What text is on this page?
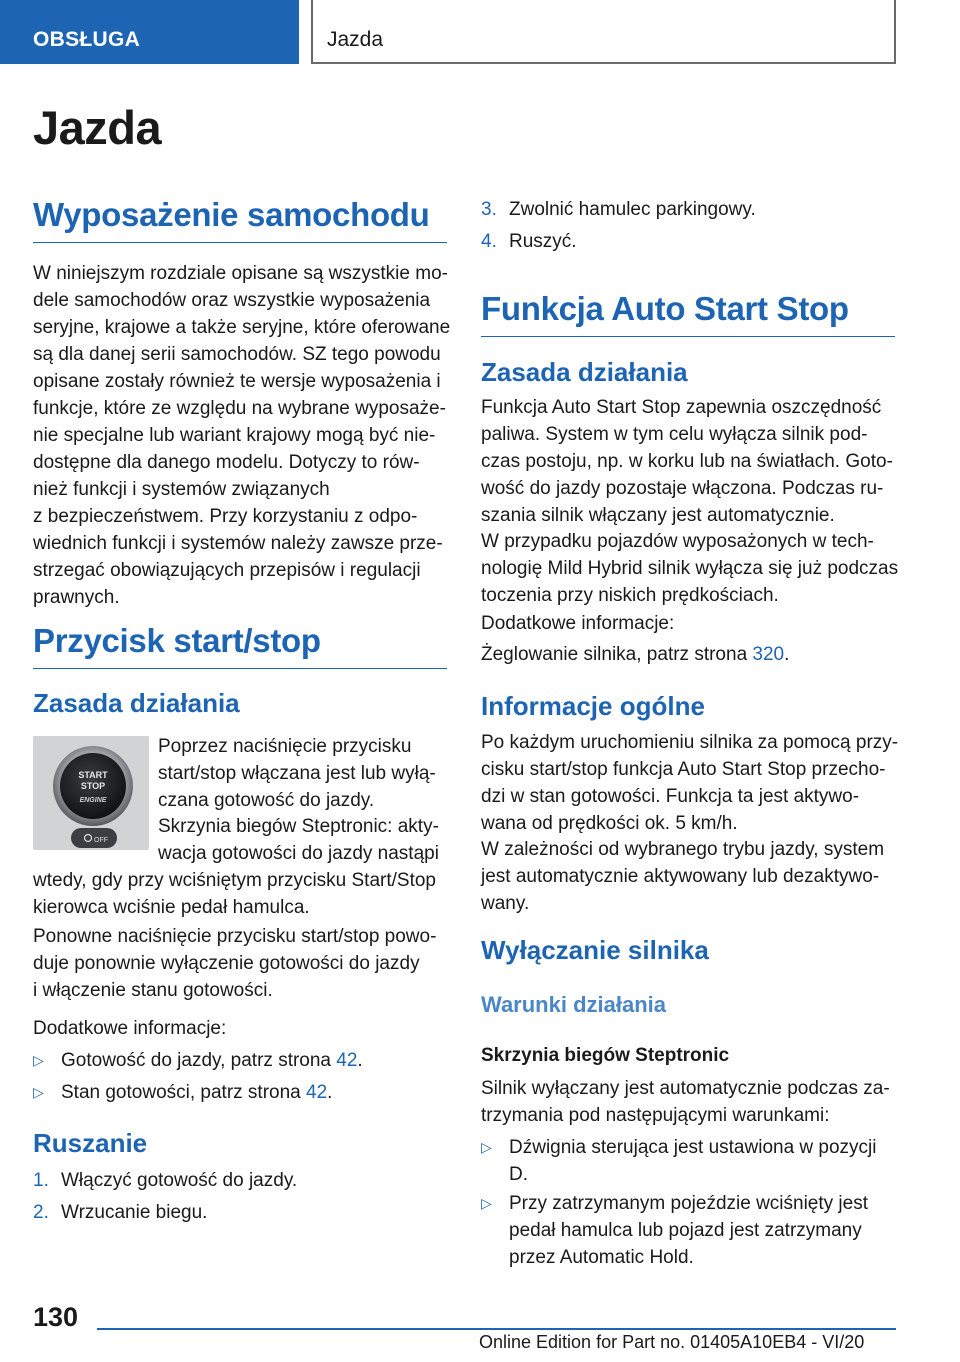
OBSŁUGA	Jazda
Jazda
Wyposażenie samochodu
W niniejszym rozdziale opisane są wszystkie mo-
dele samochodów oraz wszystkie wyposażenia
seryjne, krajowe a także seryjne, które oferowane
są dla danej serii samochodów. SZ tego powodu
opisane zostały również te wersje wyposażenia i
funkcje, które ze względu na wybrane wyposaże-
nie specjalne lub wariant krajowy mogą być nie-
dostępne dla danego modelu. Dotyczy to rów-
nież funkcji i systemów związanych
z bezpieczeństwem. Przy korzystaniu z odpo-
wiednich funkcji i systemów należy zawsze prze-
strzegać obowiązujących przepisów i regulacji
prawnych.
Przycisk start/stop
Zasada działania
START
STOP
ENGINE
OFF
Poprzez naciśnięcie przycisku
start/stop włączana jest lub wyłą-
czana gotowość do jazdy.
Skrzynia biegów Steptronic: akty-
wacja gotowości do jazdy nastąpi
wtedy, gdy przy wciśniętym przycisku Start/Stop
kierowca wciśnie pedał hamulca.
Ponowne naciśnięcie przycisku start/stop powo-
duje ponownie wyłączenie gotowości do jazdy
i włączenie stanu gotowości.
Dodatkowe informacje:
▷ Gotowość do jazdy, patrz strona 42.
▷ Stan gotowości, patrz strona 42.
Ruszanie
1. Włączyć gotowość do jazdy.
2. Wrzucanie biegu.
3. Zwolnić hamulec parkingowy.
4. Ruszyć.
Funkcja Auto Start Stop
Zasada działania
Funkcja Auto Start Stop zapewnia oszczędność
paliwa. System w tym celu wyłącza silnik pod-
czas postoju, np. w korku lub na światłach. Goto-
wość do jazdy pozostaje włączona. Podczas ru-
szania silnik włączany jest automatycznie.
W przypadku pojazdów wyposażonych w tech-
nologię Mild Hybrid silnik wyłącza się już podczas
toczenia przy niskich prędkościach.
Dodatkowe informacje:
Żeglowanie silnika, patrz strona 320.
Informacje ogólne
Po każdym uruchomieniu silnika za pomocą przy-
cisku start/stop funkcja Auto Start Stop przecho-
dzi w stan gotowości. Funkcja ta jest aktywo-
wana od prędkości ok. 5 km/h.
W zależności od wybranego trybu jazdy, system
jest automatycznie aktywowany lub dezaktywo-
wany.
Wyłączanie silnika
Warunki działania
Skrzynia biegów Steptronic
Silnik wyłączany jest automatycznie podczas za-
trzymania pod następującymi warunkami:
▷ Dźwignia sterująca jest ustawiona w pozycji
D.
▷ Przy zatrzymanym pojeździe wciśnięty jest
pedał hamulca lub pojazd jest zatrzymany
przez Automatic Hold.
130
Online Edition for Part no. 01405A10EB4 - VI/20
